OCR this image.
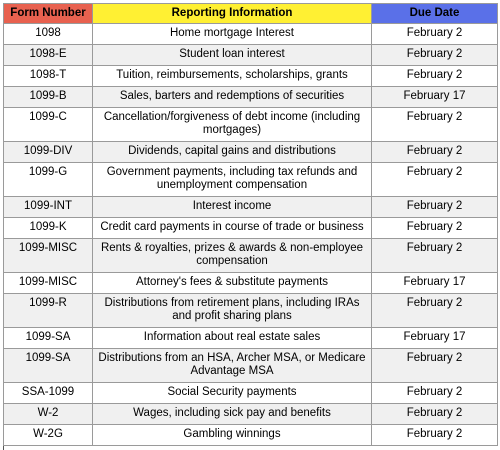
Form Number	Reporting Information	Due Date
1098	Home mortgage Interest	February 2
1098-E	Student loan interest	February 2
1098-T	Tuition, reimbursements, scholarships, grants	February 2
1099-B	Sales, barters and redemptions of securities	February 17
1099-C	Cancellation/forgiveness of debt income (including mortgages)	February 2
1099-DIV	Dividends, capital gains and distributions	February 2
1099-G	Government payments, including tax refunds and unemployment compensation	February 2
1099-INT	Interest income	February 2
1099-K	Credit card payments in course of trade or business	February 2
1099-MISC	Rents & royalties, prizes & awards & non-employee compensation	February 2
1099-MISC	Attorney's fees & substitute payments	February 17
1099-R	Distributions from retirement plans, including IRAs and profit sharing plans	February 2
1099-SA	Information about real estate sales	February 17
1099-SA	Distributions from an HSA, Archer MSA, or Medicare Advantage MSA	February 2
SSA-1099	Social Security payments	February 2
W-2	Wages, including sick pay and benefits	February 2
W-2G	Gambling winnings	February 2
